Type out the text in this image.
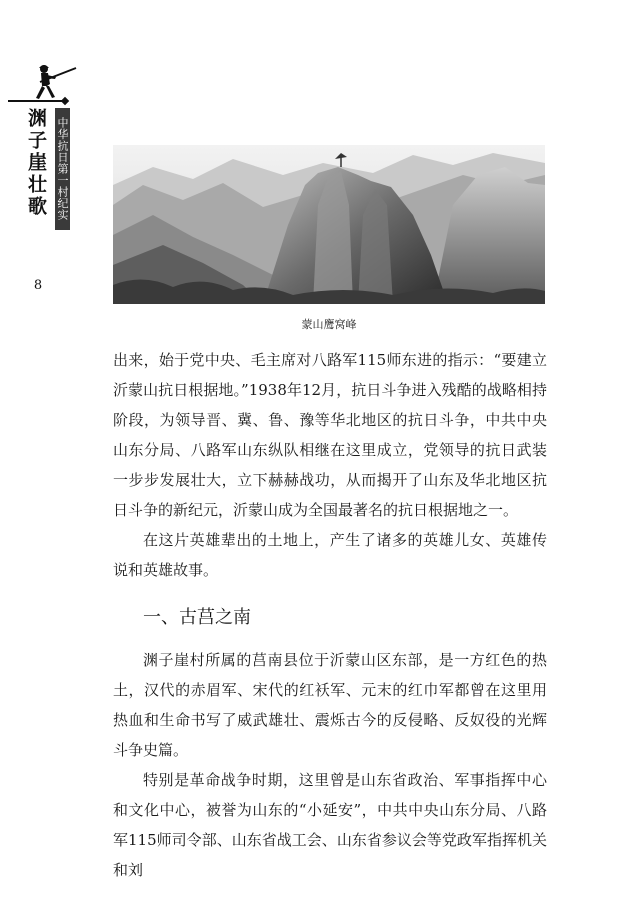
渊子崖壮歌 中华抗日第一村纪实
8
蒙山鹰窝峰

出来，始于党中央、毛主席对八路军115师东进的指示：“要建立沂蒙山抗日根据地。”1938年12月，抗日斗争进入残酷的战略相持阶段，为领导晋、冀、鲁、豫等华北地区的抗日斗争，中共中央山东分局、八路军山东纵队相继在这里成立，党领导的抗日武装一步步发展壮大，立下赫赫战功，从而揭开了山东及华北地区抗日斗争的新纪元，沂蒙山成为全国最著名的抗日根据地之一。

在这片英雄辈出的土地上，产生了诸多的英雄儿女、英雄传说和英雄故事。

一、古莒之南

渊子崖村所属的莒南县位于沂蒙山区东部，是一方红色的热土，汉代的赤眉军、宋代的红袄军、元末的红巾军都曾在这里用热血和生命书写了威武雄壮、震烁古今的反侵略、反奴役的光辉斗争史篇。

特别是革命战争时期，这里曾是山东省政治、军事指挥中心和文化中心，被誉为山东的“小延安”，中共中央山东分局、八路军115师司令部、山东省战工会、山东省参议会等党政军指挥机关和刘
